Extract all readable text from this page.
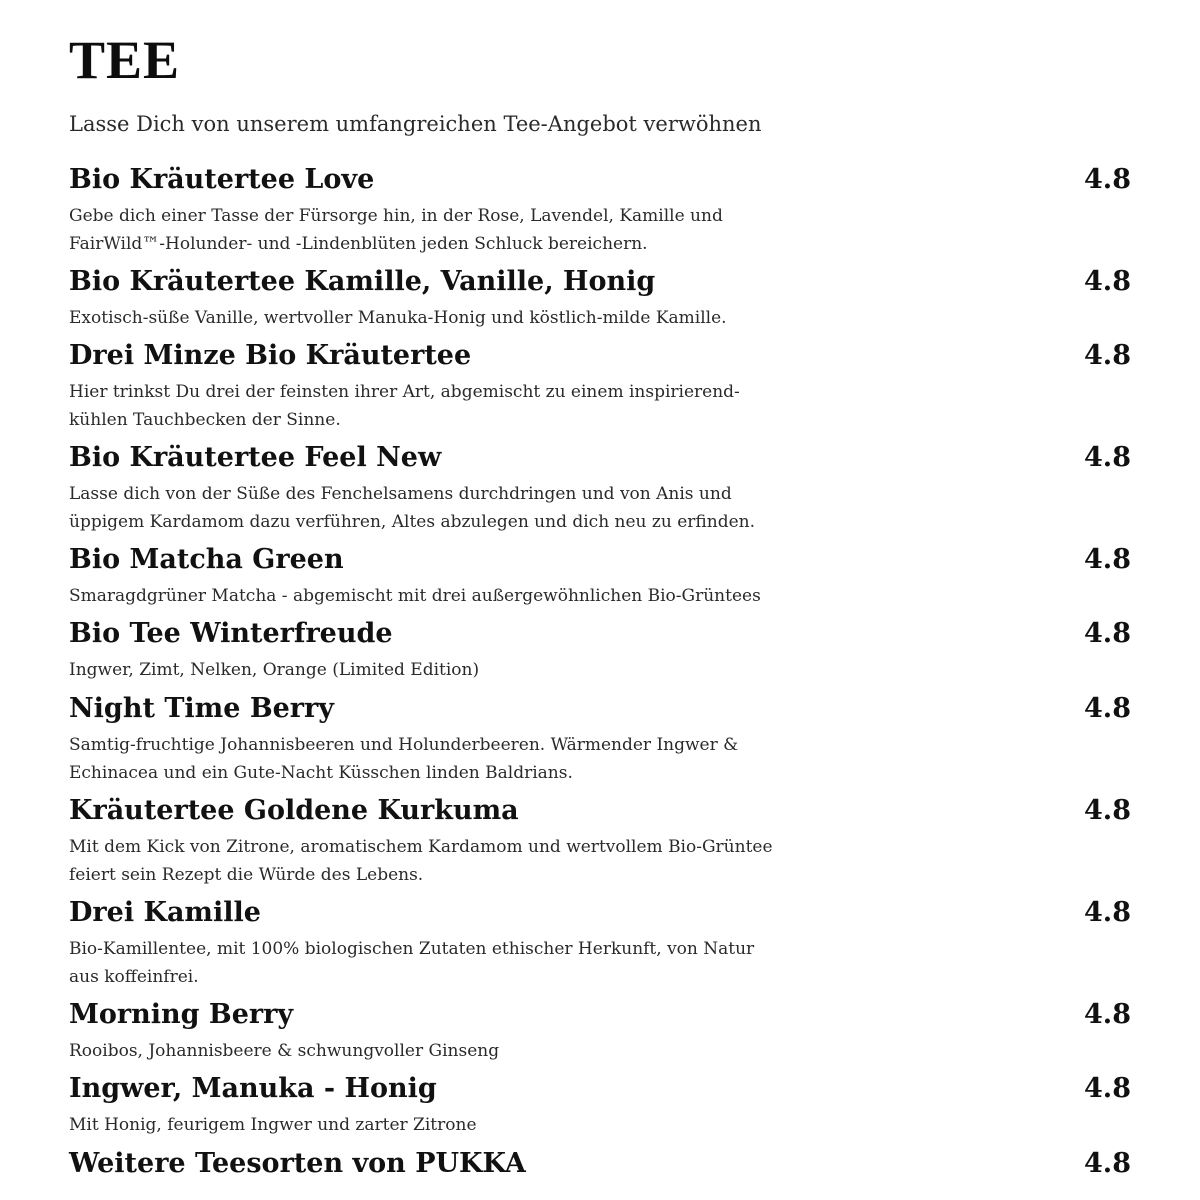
TEE

Lasse Dich von unserem umfangreichen Tee-Angebot verwöhnen

Bio Kräutertee Love	4.8
Gebe dich einer Tasse der Fürsorge hin, in der Rose, Lavendel, Kamille und FairWild™-Holunder- und -Lindenblüten jeden Schluck bereichern.
Bio Kräutertee Kamille, Vanille, Honig	4.8
Exotisch-süße Vanille, wertvoller Manuka-Honig und köstlich-milde Kamille.
Drei Minze Bio Kräutertee	4.8
Hier trinkst Du drei der feinsten ihrer Art, abgemischt zu einem inspirierend-kühlen Tauchbecken der Sinne.
Bio Kräutertee Feel New	4.8
Lasse dich von der Süße des Fenchelsamens durchdringen und von Anis und üppigem Kardamom dazu verführen, Altes abzulegen und dich neu zu erfinden.
Bio Matcha Green	4.8
Smaragdgrüner Matcha - abgemischt mit drei außergewöhnlichen Bio-Grüntees
Bio Tee Winterfreude	4.8
Ingwer, Zimt, Nelken, Orange (Limited Edition)
Night Time Berry	4.8
Samtig-fruchtige Johannisbeeren und Holunderbeeren. Wärmender Ingwer & Echinacea und ein Gute-Nacht Küsschen linden Baldrians.
Kräutertee Goldene Kurkuma	4.8
Mit dem Kick von Zitrone, aromatischem Kardamom und wertvollem Bio-Grüntee feiert sein Rezept die Würde des Lebens.
Drei Kamille	4.8
Bio-Kamillentee, mit 100% biologischen Zutaten ethischer Herkunft, von Natur aus koffeinfrei.
Morning Berry	4.8
Rooibos, Johannisbeere & schwungvoller Ginseng
Ingwer, Manuka - Honig	4.8
Mit Honig, feurigem Ingwer und zarter Zitrone
Weitere Teesorten von PUKKA	4.8
